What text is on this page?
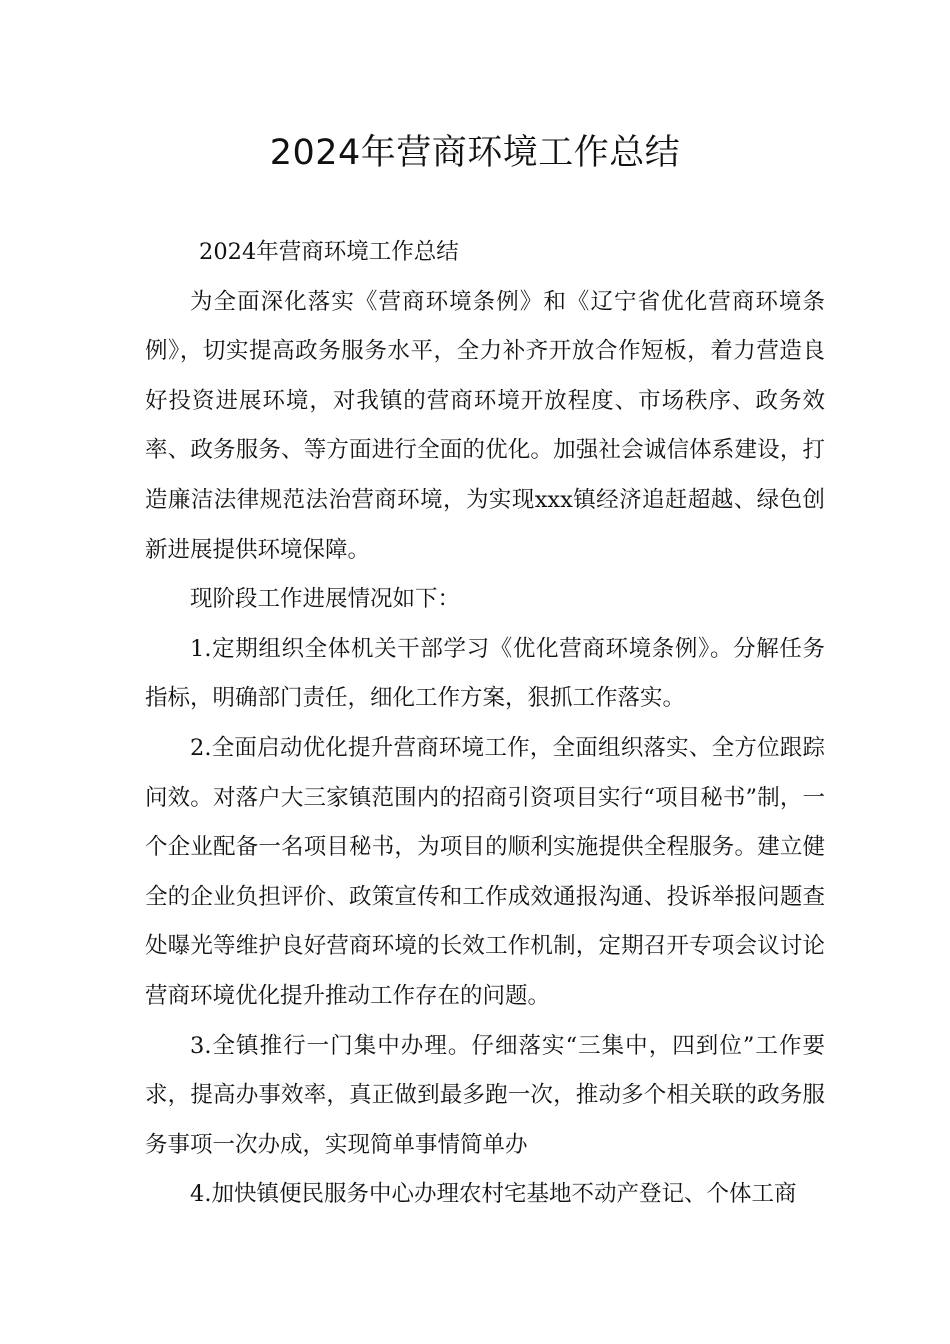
2024年营商环境工作总结

2024年营商环境工作总结

为全面深化落实《营商环境条例》和《辽宁省优化营商环境条例》，切实提高政务服务水平，全力补齐开放合作短板，着力营造良好投资进展环境，对我镇的营商环境开放程度、市场秩序、政务效率、政务服务、等方面进行全面的优化。加强社会诚信体系建设，打造廉洁法律规范法治营商环境，为实现xxx镇经济追赶超越、绿色创新进展提供环境保障。

现阶段工作进展情况如下：

1.定期组织全体机关干部学习《优化营商环境条例》。分解任务指标，明确部门责任，细化工作方案，狠抓工作落实。

2.全面启动优化提升营商环境工作，全面组织落实、全方位跟踪问效。对落户大三家镇范围内的招商引资项目实行“项目秘书”制，一个企业配备一名项目秘书，为项目的顺利实施提供全程服务。建立健全的企业负担评价、政策宣传和工作成效通报沟通、投诉举报问题查处曝光等维护良好营商环境的长效工作机制，定期召开专项会议讨论营商环境优化提升推动工作存在的问题。

3.全镇推行一门集中办理。仔细落实“三集中，四到位”工作要求，提高办事效率，真正做到最多跑一次，推动多个相关联的政务服务事项一次办成，实现简单事情简单办

4.加快镇便民服务中心办理农村宅基地不动产登记、个体工商
